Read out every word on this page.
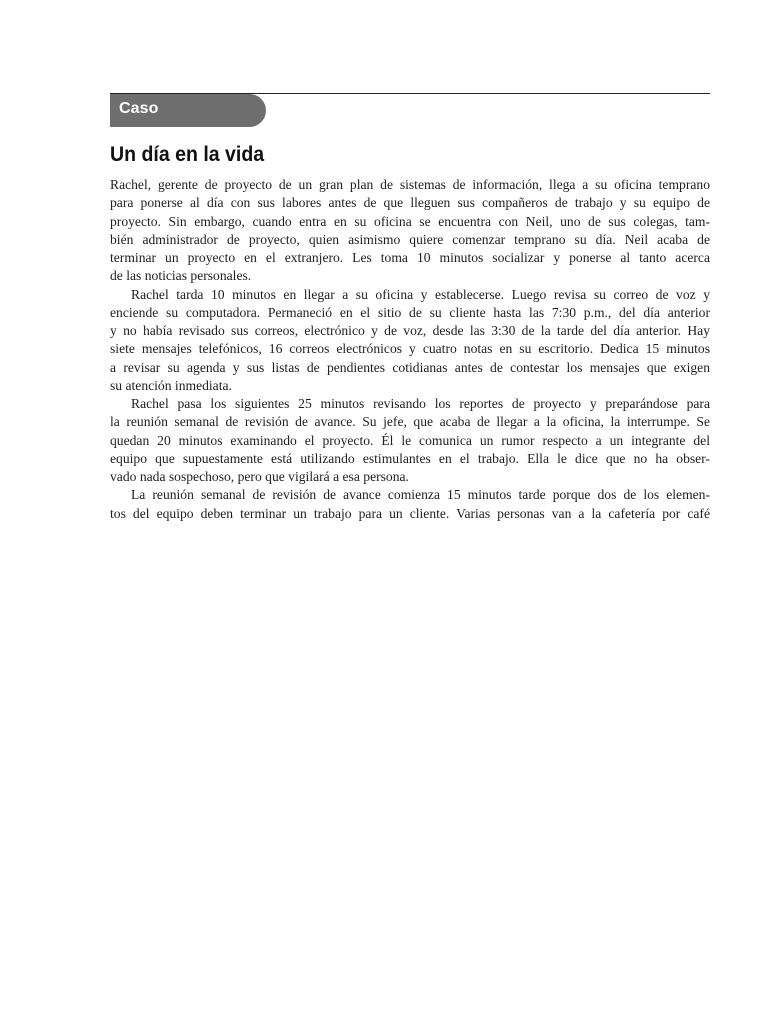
Caso
Un día en la vida
Rachel, gerente de proyecto de un gran plan de sistemas de información, llega a su oficina temprano
para ponerse al día con sus labores antes de que lleguen sus compañeros de trabajo y su equipo de
proyecto. Sin embargo, cuando entra en su oficina se encuentra con Neil, uno de sus colegas, tam-
bién administrador de proyecto, quien asimismo quiere comenzar temprano su día. Neil acaba de
terminar un proyecto en el extranjero. Les toma 10 minutos socializar y ponerse al tanto acerca
de las noticias personales.
Rachel tarda 10 minutos en llegar a su oficina y establecerse. Luego revisa su correo de voz y
enciende su computadora. Permaneció en el sitio de su cliente hasta las 7:30 p.m., del día anterior
y no había revisado sus correos, electrónico y de voz, desde las 3:30 de la tarde del día anterior. Hay
siete mensajes telefónicos, 16 correos electrónicos y cuatro notas en su escritorio. Dedica 15 minutos
a revisar su agenda y sus listas de pendientes cotidianas antes de contestar los mensajes que exigen
su atención inmediata.
Rachel pasa los siguientes 25 minutos revisando los reportes de proyecto y preparándose para
la reunión semanal de revisión de avance. Su jefe, que acaba de llegar a la oficina, la interrumpe. Se
quedan 20 minutos examinando el proyecto. Él le comunica un rumor respecto a un integrante del
equipo que supuestamente está utilizando estimulantes en el trabajo. Ella le dice que no ha obser-
vado nada sospechoso, pero que vigilará a esa persona.
La reunión semanal de revisión de avance comienza 15 minutos tarde porque dos de los elemen-
tos del equipo deben terminar un trabajo para un cliente. Varias personas van a la cafetería por café
